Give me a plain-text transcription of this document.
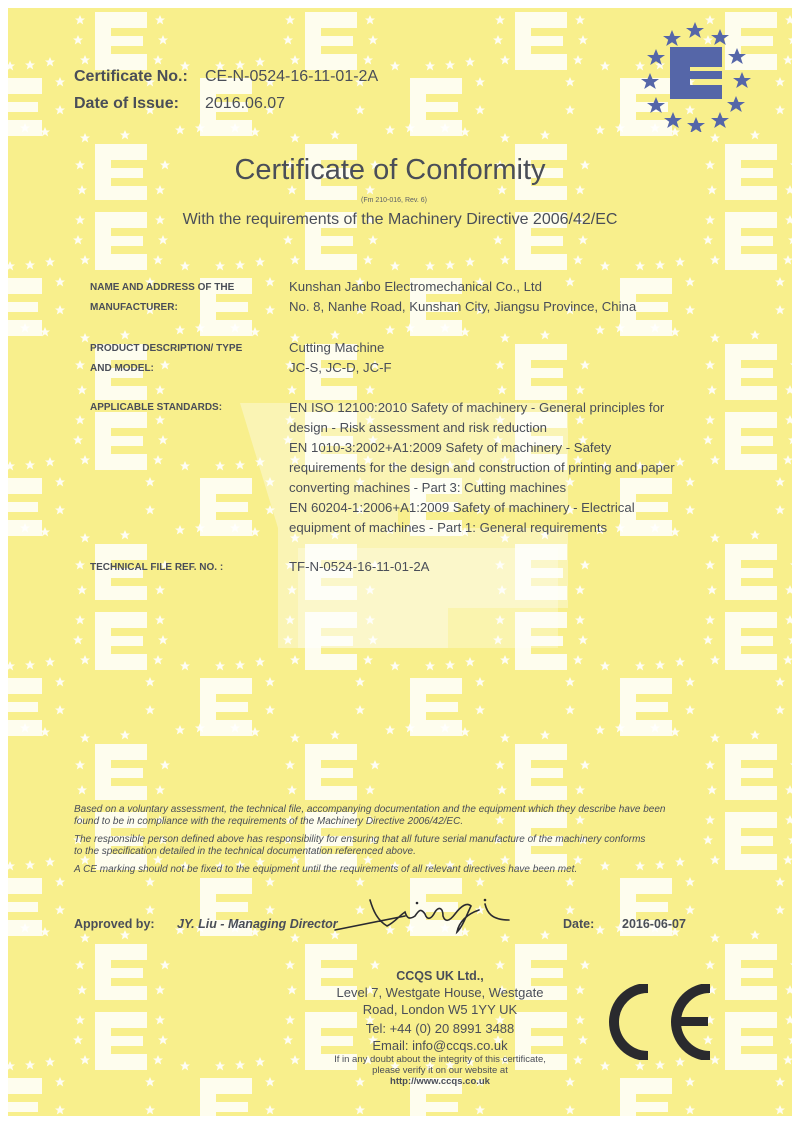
Certificate No.: CE-N-0524-16-11-01-2A
Date of Issue: 2016.06.07
Certificate of Conformity
(Fm 210-016, Rev. 6)
With the requirements of the Machinery Directive 2006/42/EC
NAME AND ADDRESS OF THE
MANUFACTURER:
Kunshan Janbo Electromechanical Co., Ltd
No. 8, Nanhe Road, Kunshan City, Jiangsu Province, China
PRODUCT DESCRIPTION/ TYPE
AND MODEL:
Cutting Machine
JC-S, JC-D, JC-F
APPLICABLE STANDARDS:	EN ISO 12100:2010 Safety of machinery - General principles for
design - Risk assessment and risk reduction
EN 1010-3:2002+A1:2009 Safety of machinery - Safety
requirements for the design and construction of printing and paper
converting machines - Part 3: Cutting machines
EN 60204-1:2006+A1:2009 Safety of machinery - Electrical
equipment of machines - Part 1: General requirements
TECHNICAL FILE REF. NO. :	TF-N-0524-16-11-01-2A
Based on a voluntary assessment, the technical file, accompanying documentation and the equipment which they describe have been
found to be in compliance with the requirements of the Machinery Directive 2006/42/EC.
The responsible person defined above has responsibility for ensuring that all future serial manufacture of the machinery conforms
to the specification detailed in the technical documentation referenced above.
A CE marking should not be fixed to the equipment until the requirements of all relevant directives have been met.
Approved by: JY. Liu - Managing Director	Date: 2016-06-07
CCQS UK Ltd.,
Level 7, Westgate House, Westgate
Road, London W5 1YY UK
Tel: +44 (0) 20 8991 3488
Email: info@ccqs.co.uk
If in any doubt about the integrity of this certificate,
please verify it on our website at
http://www.ccqs.co.uk
